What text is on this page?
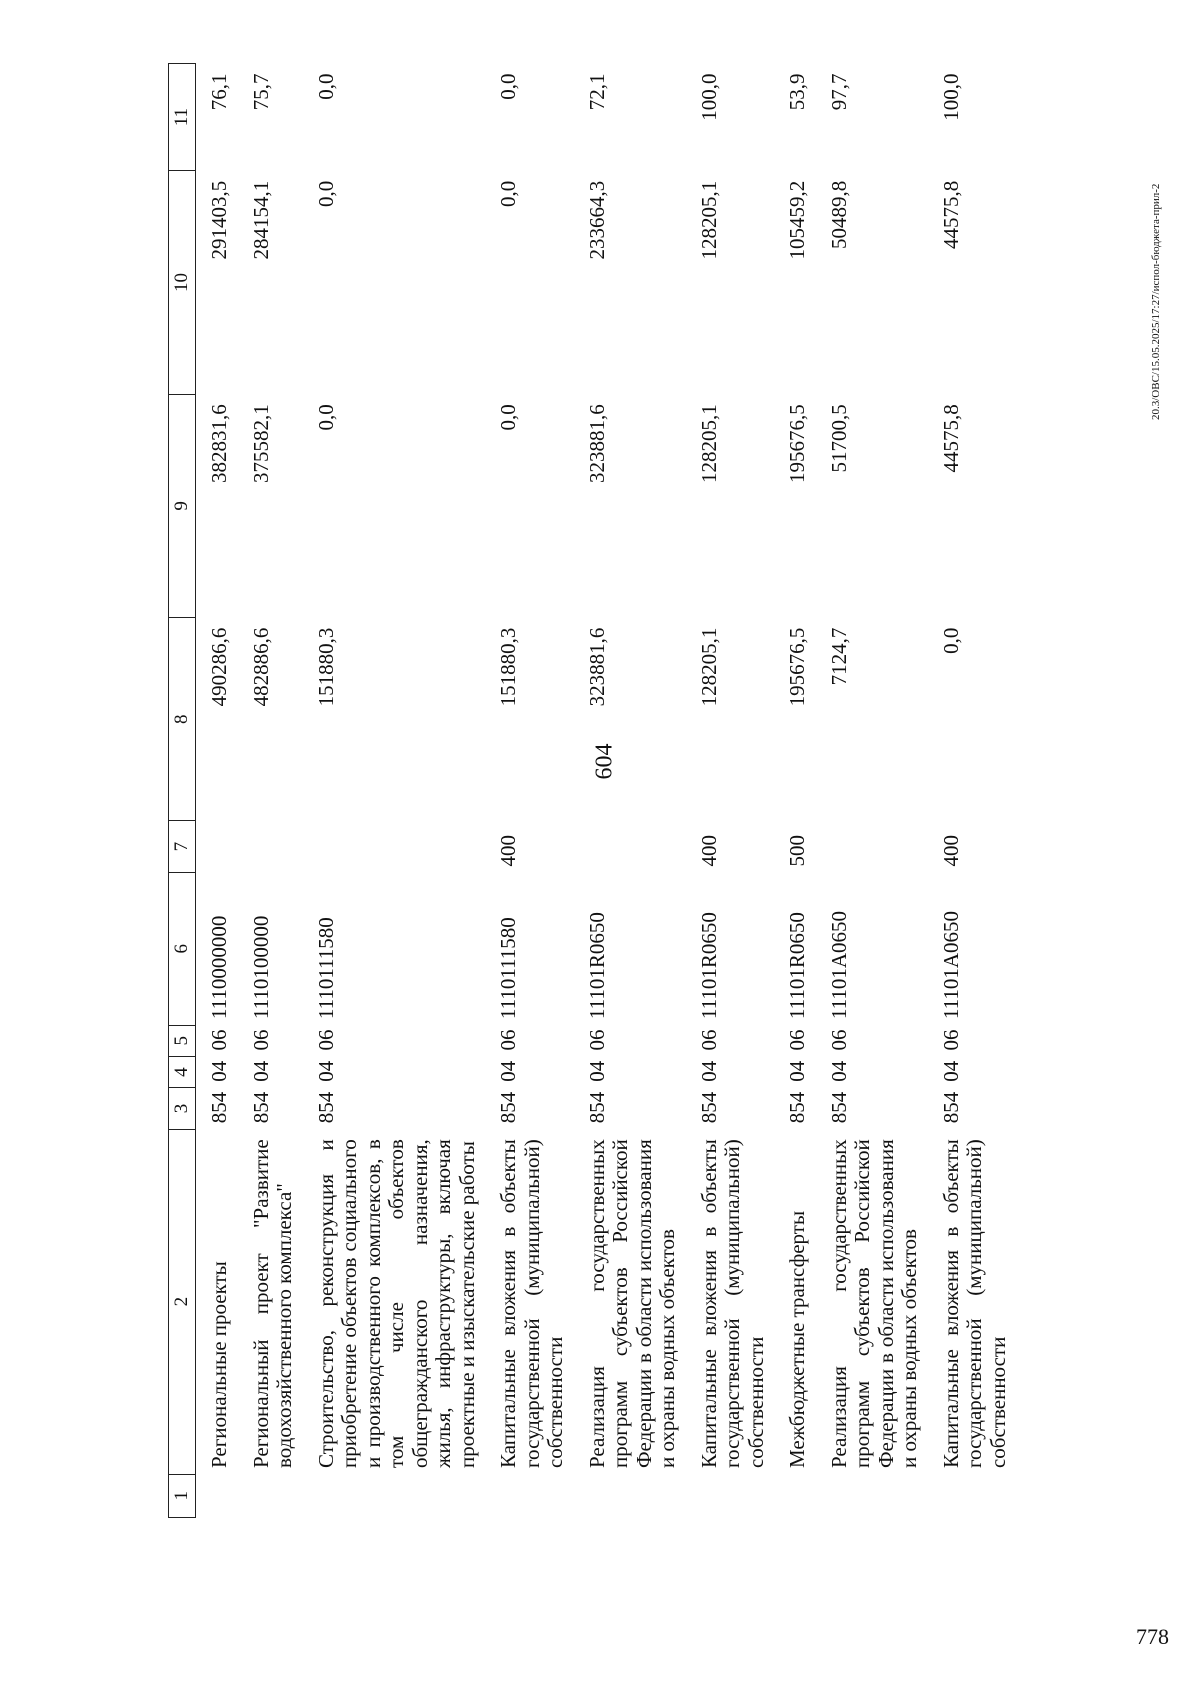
604
20.3/ОВС/15.05.2025/17:27/испол-бюджета-прил-2
778
1	2	3	4	5	6	7	8	9	10	11
	Региональные проекты	854	04	06	1110000000		490286,6	382831,6	291403,5	76,1
	Региональный проект "Развитие водохозяйственного комплекса"	854	04	06	1110100000		482886,6	375582,1	284154,1	75,7
	Строительство, реконструкция и приобретение объектов социального и производственного комплексов, в том числе объектов общегражданского назначения, жилья, инфраструктуры, включая проектные и изыскательские работы	854	04	06	1110111580		151880,3	0,0	0,0	0,0
	Капитальные вложения в объекты государственной (муниципальной) собственности	854	04	06	1110111580	400	151880,3	0,0	0,0	0,0
	Реализация государственных программ субъектов Российской Федерации в области использования и охраны водных объектов	854	04	06	11101R0650		323881,6	323881,6	233664,3	72,1
	Капитальные вложения в объекты государственной (муниципальной) собственности	854	04	06	11101R0650	400	128205,1	128205,1	128205,1	100,0
	Межбюджетные трансферты	854	04	06	11101R0650	500	195676,5	195676,5	105459,2	53,9
	Реализация государственных программ субъектов Российской Федерации в области использования и охраны водных объектов	854	04	06	11101A0650		7124,7	51700,5	50489,8	97,7
	Капитальные вложения в объекты государственной (муниципальной) собственности	854	04	06	11101A0650	400	0,0	44575,8	44575,8	100,0
